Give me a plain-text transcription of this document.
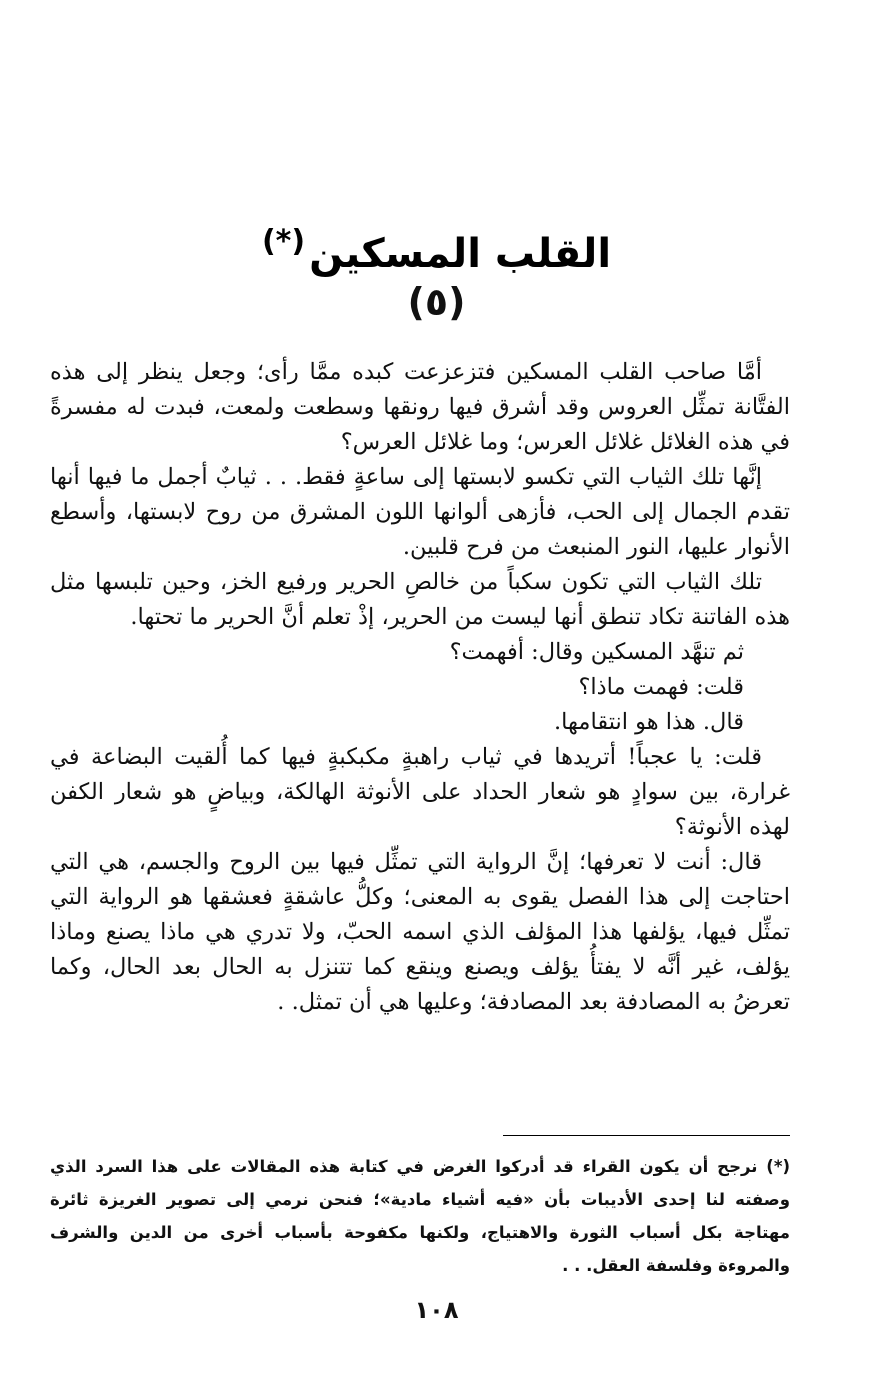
القلب المسكين(*)
(٥)

أمَّا صاحب القلب المسكين فتزعزعت كبده ممَّا رأى؛ وجعل ينظر إلى هذه الفتَّانة تمثِّل العروس وقد أشرق فيها رونقها وسطعت ولمعت، فبدت له مفسرةً في هذه الغلائل غلائل العرس؛ وما غلائل العرس؟

إنَّها تلك الثياب التي تكسو لابستها إلى ساعةٍ فقط. . . ثيابٌ أجمل ما فيها أنها تقدم الجمال إلى الحب، فأزهى ألوانها اللون المشرق من روح لابستها، وأسطع الأنوار عليها، النور المنبعث من فرح قلبين.

تلك الثياب التي تكون سكباً من خالصِ الحرير ورفيع الخز، وحين تلبسها مثل هذه الفاتنة تكاد تنطق أنها ليست من الحرير، إذْ تعلم أنَّ الحرير ما تحتها.

ثم تنهَّد المسكين وقال: أفهمت؟

قلت: فهمت ماذا؟

قال. هذا هو انتقامها.

قلت: يا عجباً! أتريدها في ثياب راهبةٍ مكبكبةٍ فيها كما أُلقيت البضاعة في غرارة، بين سوادٍ هو شعار الحداد على الأنوثة الهالكة، وبياضٍ هو شعار الكفن لهذه الأنوثة؟

قال: أنت لا تعرفها؛ إنَّ الرواية التي تمثِّل فيها بين الروح والجسم، هي التي احتاجت إلى هذا الفصل يقوى به المعنى؛ وكلُّ عاشقةٍ فعشقها هو الرواية التي تمثِّل فيها، يؤلفها هذا المؤلف الذي اسمه الحبّ، ولا تدري هي ماذا يصنع وماذا يؤلف، غير أنَّه لا يفتأُ يؤلف ويصنع وينقع كما تتنزل به الحال بعد الحال، وكما تعرضُ به المصادفة بعد المصادفة؛ وعليها هي أن تمثل. .

(*) نرجح أن يكون القراء قد أدركوا الغرض في كتابة هذه المقالات على هذا السرد الذي وصفته لنا إحدى الأديبات بأن «فيه أشياء مادية»؛ فنحن نرمي إلى تصوير الغريزة ثائرة مهتاجة بكل أسباب الثورة والاهتياج، ولكنها مكفوحة بأسباب أخرى من الدين والشرف والمروءة وفلسفة العقل. . .

١٠٨
